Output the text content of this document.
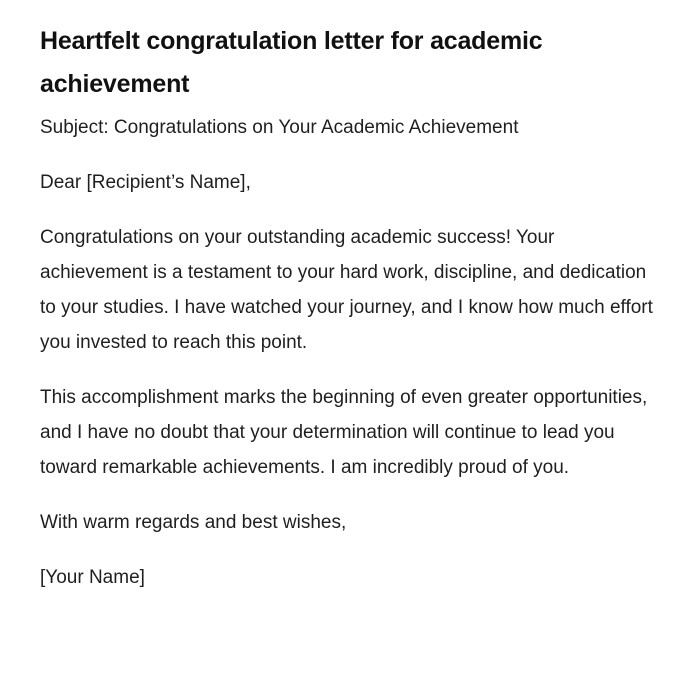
Heartfelt congratulation letter for academic achievement

Subject: Congratulations on Your Academic Achievement

Dear [Recipient’s Name],

Congratulations on your outstanding academic success! Your achievement is a testament to your hard work, discipline, and dedication to your studies. I have watched your journey, and I know how much effort you invested to reach this point.

This accomplishment marks the beginning of even greater opportunities, and I have no doubt that your determination will continue to lead you toward remarkable achievements. I am incredibly proud of you.

With warm regards and best wishes,

[Your Name]
